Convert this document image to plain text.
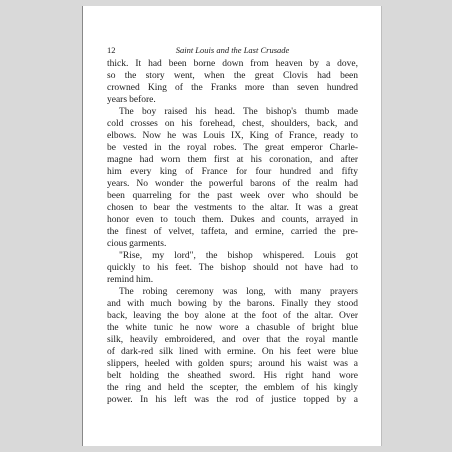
12	Saint Louis and the Last Crusade

thick. It had been borne down from heaven by a dove,
so the story went, when the great Clovis had been
crowned King of the Franks more than seven hundred
years before.

The boy raised his head. The bishop's thumb made
cold crosses on his forehead, chest, shoulders, back, and
elbows. Now he was Louis IX, King of France, ready to
be vested in the royal robes. The great emperor Charle-
magne had worn them first at his coronation, and after
him every king of France for four hundred and fifty
years. No wonder the powerful barons of the realm had
been quarreling for the past week over who should be
chosen to bear the vestments to the altar. It was a great
honor even to touch them. Dukes and counts, arrayed in
the finest of velvet, taffeta, and ermine, carried the pre-
cious garments.

"Rise, my lord", the bishop whispered. Louis got
quickly to his feet. The bishop should not have had to
remind him.

The robing ceremony was long, with many prayers
and with much bowing by the barons. Finally they stood
back, leaving the boy alone at the foot of the altar. Over
the white tunic he now wore a chasuble of bright blue
silk, heavily embroidered, and over that the royal mantle
of dark-red silk lined with ermine. On his feet were blue
slippers, heeled with golden spurs; around his waist was a
belt holding the sheathed sword. His right hand wore
the ring and held the scepter, the emblem of his kingly
power. In his left was the rod of justice topped by a
